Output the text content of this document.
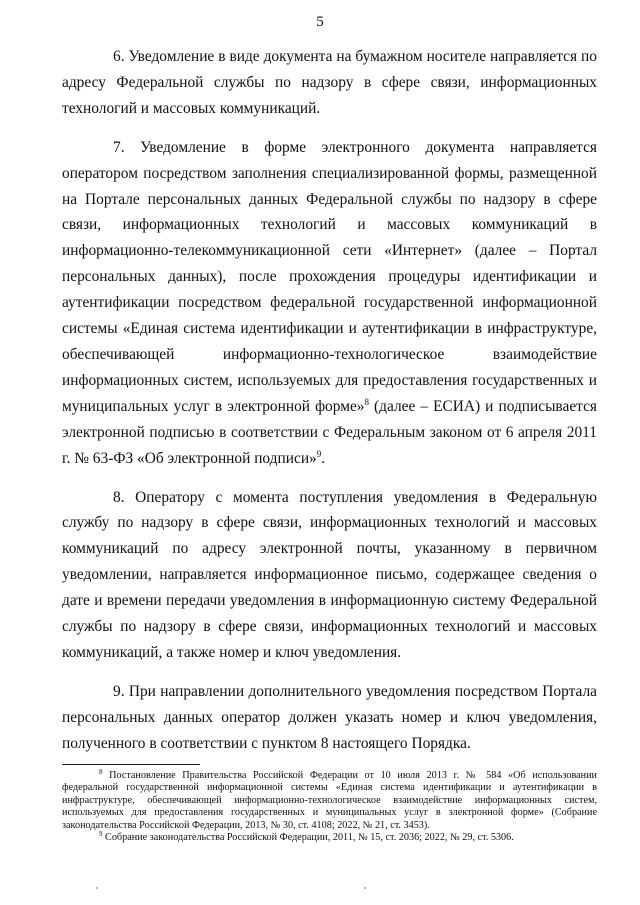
5

6. Уведомление в виде документа на бумажном носителе направляется по адресу Федеральной службы по надзору в сфере связи, информационных технологий и массовых коммуникаций.

7. Уведомление в форме электронного документа направляется оператором посредством заполнения специализированной формы, размещенной на Портале персональных данных Федеральной службы по надзору в сфере связи, информационных технологий и массовых коммуникаций в информационно-телекоммуникационной сети «Интернет» (далее – Портал персональных данных), после прохождения процедуры идентификации и аутентификации посредством федеральной государственной информационной системы «Единая система идентификации и аутентификации в инфраструктуре, обеспечивающей информационно-технологическое взаимодействие информационных систем, используемых для предоставления государственных и муниципальных услуг в электронной форме»$^8$ (далее – ЕСИА) и подписывается электронной подписью в соответствии с Федеральным законом от 6 апреля 2011 г. № 63-ФЗ «Об электронной подписи»$^9$.

8. Оператору с момента поступления уведомления в Федеральную службу по надзору в сфере связи, информационных технологий и массовых коммуникаций по адресу электронной почты, указанному в первичном уведомлении, направляется информационное письмо, содержащее сведения о дате и времени передачи уведомления в информационную систему Федеральной службы по надзору в сфере связи, информационных технологий и массовых коммуникаций, а также номер и ключ уведомления.

9. При направлении дополнительного уведомления посредством Портала персональных данных оператор должен указать номер и ключ уведомления, полученного в соответствии с пунктом 8 настоящего Порядка.

$^8$ Постановление Правительства Российской Федерации от 10 июля 2013 г. № 584 «Об использовании федеральной государственной информационной системы «Единая система идентификации и аутентификации в инфраструктуре, обеспечивающей информационно-технологическое взаимодействие информационных систем, используемых для предоставления государственных и муниципальных услуг в электронной форме» (Собрание законодательства Российской Федерации, 2013, № 30, ст. 4108; 2022, № 21, ст. 3453).

$^9$ Собрание законодательства Российской Федерации, 2011, № 15, ст. 2036; 2022, № 29, ст. 5306.
